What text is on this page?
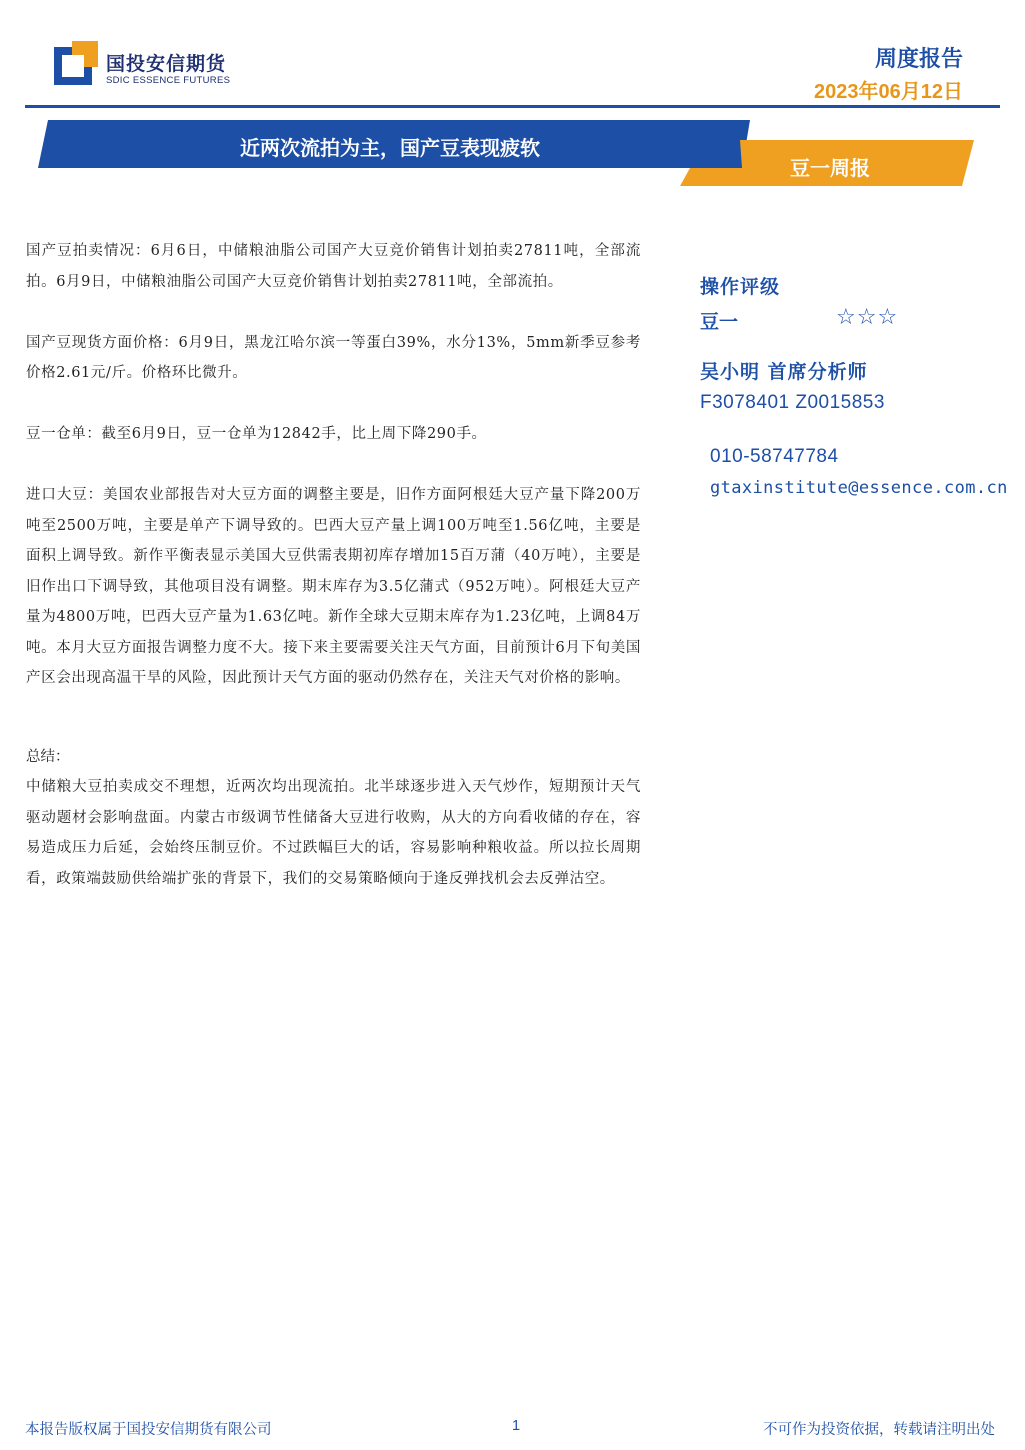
国投安信期货
SDIC ESSENCE FUTURES
周度报告
2023年06月12日
近两次流拍为主，国产豆表现疲软
豆一周报

国产豆拍卖情况：6月6日，中储粮油脂公司国产大豆竞价销售计划拍卖27811吨，全部流拍。6月9日，中储粮油脂公司国产大豆竞价销售计划拍卖27811吨，全部流拍。

国产豆现货方面价格：6月9日，黑龙江哈尔滨一等蛋白39%，水分13%，5mm新季豆参考价格2.61元/斤。价格环比微升。

豆一仓单：截至6月9日，豆一仓单为12842手，比上周下降290手。

进口大豆：美国农业部报告对大豆方面的调整主要是，旧作方面阿根廷大豆产量下降200万吨至2500万吨，主要是单产下调导致的。巴西大豆产量上调100万吨至1.56亿吨，主要是面积上调导致。新作平衡表显示美国大豆供需表期初库存增加15百万蒲（40万吨），主要是旧作出口下调导致，其他项目没有调整。期末库存为3.5亿蒲式（952万吨）。阿根廷大豆产量为4800万吨，巴西大豆产量为1.63亿吨。新作全球大豆期末库存为1.23亿吨，上调84万吨。本月大豆方面报告调整力度不大。接下来主要需要关注天气方面，目前预计6月下旬美国产区会出现高温干旱的风险，因此预计天气方面的驱动仍然存在，关注天气对价格的影响。

总结：

中储粮大豆拍卖成交不理想，近两次均出现流拍。北半球逐步进入天气炒作，短期预计天气驱动题材会影响盘面。内蒙古市级调节性储备大豆进行收购，从大的方向看收储的存在，容易造成压力后延，会始终压制豆价。不过跌幅巨大的话，容易影响种粮收益。所以拉长周期看，政策端鼓励供给端扩张的背景下，我们的交易策略倾向于逢反弹找机会去反弹沽空。

操作评级
豆一	☆☆☆
吴小明 首席分析师
F3078401 Z0015853
010-58747784
gtaxinstitute@essence.com.cn
本报告版权属于国投安信期货有限公司	1	不可作为投资依据，转载请注明出处
